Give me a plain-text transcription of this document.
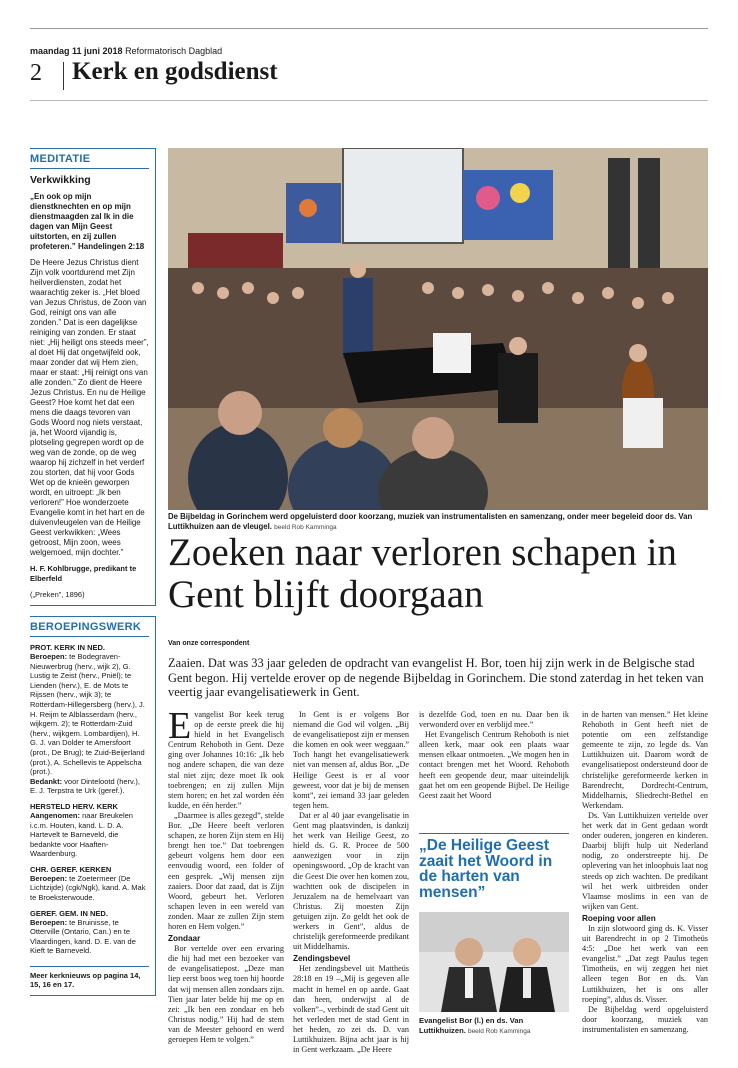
maandag 11 juni 2018 Reformatorisch Dagblad
2 Kerk en godsdienst
MEDITATIE
Verkwikking
„En ook op mijn dienstknechten en op mijn dienstmaagden zal Ik in die dagen van Mijn Geest uitstorten, en zij zullen profeteren.” Handelingen 2:18
De Heere Jezus Christus dient Zijn volk voortdurend met Zijn heilverdiensten, zodat het waarachtig zeker is. „Het bloed van Jezus Christus, de Zoon van God, reinigt ons van alle zonden.” Dat is een dagelijkse reiniging van zonden. Er staat niet: „Hij heiligt ons steeds meer”, al doet Hij dat ongetwijfeld ook, maar zonder dat wij Hem zien, maar er staat: „Hij reinigt ons van alle zonden.” Zo dient de Heere Jezus Christus. En nu de Heilige Geest? Hoe komt het dat een mens die daags tevoren van Gods Woord nog niets verstaat, ja, het Woord vijandig is, plotseling gegrepen wordt op de weg van de zonde, op de weg waarop hij zichzelf in het verderf zou storten, dat hij voor Gods Wet op de knieën geworpen wordt, en uitroept: „Ik ben verloren!” Hoe wonderzoete Evangelie komt in het hart en de duivenvleugelen van de Heilige Geest verkwikken: „Wees getroost, Mijn zoon, wees welgemoed, mijn dochter.”
H. F. Kohlbrugge, predikant te Elberfeld
(„Preken”, 1896)
BEROEPINGSWERK
PROT. KERK IN NED.
Beroepen: te Bodegraven-Nieuwerbrug (herv., wijk 2), G. Lustig te Zeist (herv., Pniël); te Lienden (herv.), E. de Mots te Rijssen (herv., wijk 3); te Rotterdam-Hillegersberg (herv.), J. H. Reijm te Alblasserdam (herv., wijkgem. 2); te Rotterdam-Zuid (herv., wijkgem. Lombardijen), H. G. J. van Dolder te Amersfoort (prot., De Brug); te Zuid-Beijerland (prot.), A. Schellevis te Appelscha (prot.).
Bedankt: voor Dintelootd (herv.), E. J. Terpstra te Urk (geref.).
HERSTELD HERV. KERK
Aangenomen: naar Breukelen i.c.m. Houten, kand. L. D. A. Hartevelt te Barneveld, die bedankte voor Haaften-Waardenburg.
CHR. GEREF. KERKEN
Beroepen: te Zoetermeer (De Lichtzijde) (cgk/Ngk), kand. A. Mak te Broeksterwoude.
GEREF. GEM. IN NED.
Beroepen: te Bruinisse, te Otterville (Ontario, Can.) en te Vlaardingen, kand. D. E. van de Kieft te Barneveld.
Meer kerknieuws op pagina 14, 15, 16 en 17.
De Bijbeldag in Gorinchem werd opgeluisterd door koorzang, muziek van instrumentalisten en samenzang, onder meer begeleid door ds. Van Luttikhuizen aan de vleugel. beeld Rob Kamminga
Zoeken naar verloren schapen in Gent blijft doorgaan
Van onze correspondent
Zaaien. Dat was 33 jaar geleden de opdracht van evangelist H. Bor, toen hij zijn werk in de Belgische stad Gent begon. Hij vertelde erover op de negende Bijbeldag in Gorinchem. Die stond zaterdag in het teken van veertig jaar evangelisatiewerk in Gent.

Evangelist Bor keek terug op de eerste preek die hij hield in het Evangelisch Centrum Rehoboth in Gent. Deze ging over Johannes 10:16: „Ik heb nog andere schapen, die van deze stal niet zijn; deze moet Ik ook toebrengen; en zij zullen Mijn stem horen; en het zal worden één kudde, en één herder.”

„Daarmee is alles gezegd”, stelde Bor. „De Heere beeft verloren schapen, ze horen Zijn stem en Hij brengt hen toe.” Dat toebrengen gebeurt volgens hem door een eenvoudig woord, een folder of een gesprek. „Wij mensen zijn zaaiers. Door dat zaad, dat is Zijn Woord, gebeurt het. Verloren schapen leven in een wereld van zonden. Maar ze zullen Zijn stem horen en Hem volgen.”

Zondaar

Bor vertelde over een ervaring die hij had met een bezoeker van de evangelisatiepost. „Deze man liep eerst boos weg toen hij hoorde dat wij mensen allen zondaars zijn. Tien jaar later belde hij me op en zei: „Ik ben een zondaar en heb Christus nodig.” Hij had de stem van de Meester gehoord en werd geroepen Hem te volgen.”

In Gent is er volgens Bor niemand die God wil volgen. „Bij de evangelisatiepost zijn er mensen die komen en ook weer weggaan.” Toch hangt het evangelisatiewerk niet van mensen af, aldus Bor. „De Heilige Geest is er al voor geweest, voor dat je bij de mensen komt”, zei iemand 33 jaar geleden tegen hem.

Dat er al 40 jaar evangelisatie in Gent mag plaatsvinden, is dankzij het werk van Heilige Geest, zo hield ds. G. R. Procee de 500 aanwezigen voor in zijn openingswoord. „Op de kracht van die Geest Die over hen komen zou, wachtten ook de discipelen in Jeruzalem na de hemelvaart van Christus. Zij moesten Zijn getuigen zijn. Zo geldt het ook de werkers in Gent”, aldus de christelijk gereformeerde predikant uit Middelharnis.

Zendingsbevel

Het zendingsbevel uit Mattheüs 28:18 en 19 –„Mij is gegeven alle macht in hemel en op aarde. Gaat dan heen, onderwijst al de volken”–, verbindt de stad Gent uit het verleden met de stad Gent in het heden, zo zei ds. D. van Luttikhuizen. Bijna acht jaar is hij in Gent werkzaam. „De Heere

is dezelfde God, toen en nu. Daar ben ik verwonderd over en verblijd mee.”

Het Evangelisch Centrum Rehoboth is niet alleen kerk, maar ook een plaats waar mensen elkaar ontmoeten. „We mogen hen in contact brengen met het Woord. Rehoboth heeft een geopende deur, maar uiteindelijk gaat het om een geopende Bijbel. De Heilige Geest zaait het Woord

„De Heilige Geest zaait het Woord in de harten van mensen”
Evangelist Bor (l.) en ds. Van Luttikhuizen. beeld Rob Kamminga

in de harten van mensen.” Het kleine Rehoboth in Gent heeft niet de potentie om een zelfstandige gemeente te zijn, zo legde ds. Van Luttikhuizen uit. Daarom wordt de evangelisatiepost ondersteund door de christelijke gereformeerde kerken in Barendrecht, Dordrecht-Centrum, Middelharnis, Sliedrecht-Bethel en Werkendam.

Ds. Van Luttikhuizen vertelde over het werk dat in Gent gedaan wordt onder ouderen, jongeren en kinderen. Daarbij blijft hulp uit Nederland nodig, zo onderstreepte hij. De oplevering van het inloophuis laat nog steeds op zich wachten. De predikant wil het werk uitbreiden onder Vlaamse moslims in een van de wijken van Gent.

Roeping voor allen

In zijn slotwoord ging ds. K. Visser uit Barendrecht in op 2 Timotheüs 4:5: „Doe het werk van een evangelist.” „Dat zegt Paulus tegen Timotheüs, en wij zeggen het niet alleen tegen Bor en ds. Van Luttikhuizen, het is ons aller roeping”, aldus ds. Visser.

De Bijbeldag werd opgeluisterd door koorzang, muziek van instrumentalisten en samenzang.
